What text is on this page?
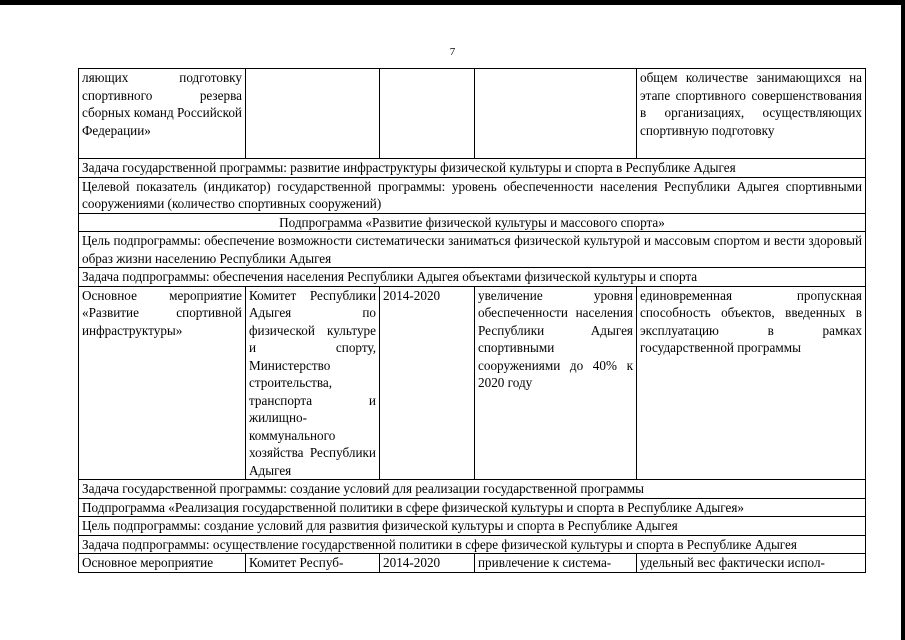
7
ляющих подготовку спортивного резерва сборных команд Российской Федерации»				общем количестве занимающихся на этапе спортивного совершенствования в организациях, осуществляющих спортивную подготовку
Задача государственной программы: развитие инфраструктуры физической культуры и спорта в Республике Адыгея				
Целевой показатель (индикатор) государственной программы: уровень обеспеченности населения Республики Адыгея спортивными сооружениями (количество спортивных сооружений)				
Подпрограмма «Развитие физической культуры и массового спорта»				
Цель подпрограммы: обеспечение возможности систематически заниматься физической культурой и массовым спортом и вести здоровый образ жизни населению Республики Адыгея				
Задача подпрограммы: обеспечения населения Республики Адыгея объектами физической культуры и спорта				
Основное мероприятие «Развитие спортивной инфраструктуры»	Комитет Республики Адыгея по физической культуре и спорту, Министерство строительства, транспорта и жилищно-коммунального хозяйства Республики Адыгея	2014-2020	увеличение уровня обеспеченности населения Республики Адыгея спортивными сооружениями до 40% к 2020 году	единовременная пропускная способность объектов, введенных в эксплуатацию в рамках государственной программы
Задача государственной программы: создание условий для реализации государственной программы				
Подпрограмма «Реализация государственной политики в сфере физической культуры и спорта в Республике Адыгея»				
Цель подпрограммы: создание условий для развития физической культуры и спорта в Республике Адыгея				
Задача подпрограммы: осуществление государственной политики в сфере физической культуры и спорта в Республике Адыгея				
Основное мероприятие	Комитет Респуб-	2014-2020	привлечение к система-	удельный вес фактически испол-
